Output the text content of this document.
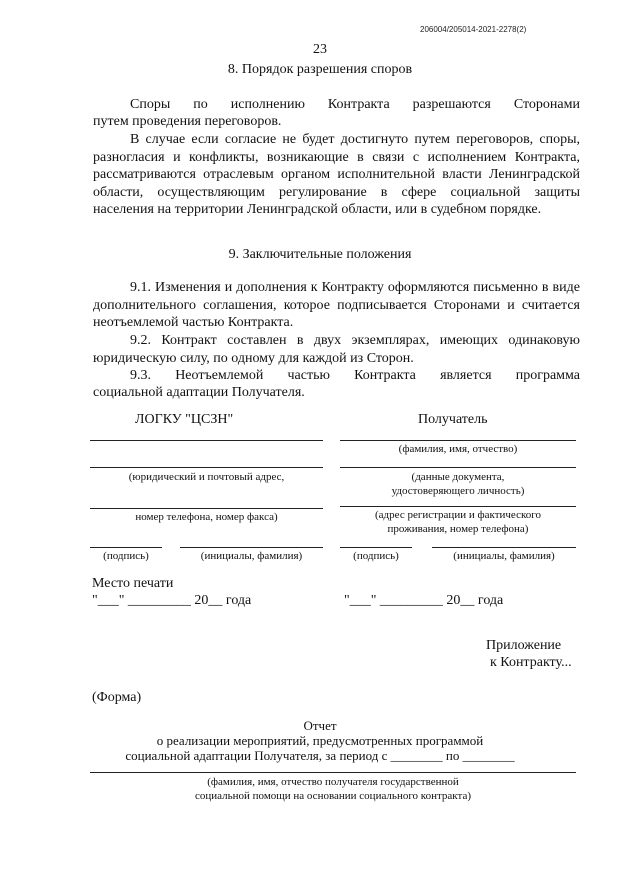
206004/205014-2021-2278(2)
23
8. Порядок разрешения споров
Споры по исполнению Контракта разрешаются Сторонами
путем проведения переговоров.
В случае если согласие не будет достигнуто путем переговоров, споры, разногласия и конфликты, возникающие в связи с исполнением Контракта, рассматриваются отраслевым органом исполнительной власти Ленинградской области, осуществляющим регулирование в сфере социальной защиты населения на территории Ленинградской области, или в судебном порядке.
9. Заключительные положения
9.1. Изменения и дополнения к Контракту оформляются письменно в виде дополнительного соглашения, которое подписывается Сторонами и считается неотъемлемой частью Контракта.
9.2. Контракт составлен в двух экземплярах, имеющих одинаковую юридическую силу, по одному для каждой из Сторон.
9.3. Неотъемлемой частью Контракта является программа
социальной адаптации Получателя.
ЛОГКУ "ЦСЗН"
(юридический и почтовый адрес,
номер телефона, номер факса)
(подпись)	(инициалы, фамилия)
Получатель
(фамилия, имя, отчество)
(данные документа,
удостоверяющего личность)
(адрес регистрации и фактического
проживания, номер телефона)
(подпись)	(инициалы, фамилия)
Место печати
"___" _________ 20__ года	"___" _________ 20__ года
Приложение
к Контракту...
(Форма)
Отчет
о реализации мероприятий, предусмотренных программой
социальной адаптации Получателя, за период с ________ по ________
(фамилия, имя, отчество получателя государственной
социальной помощи на основании социального контракта)
